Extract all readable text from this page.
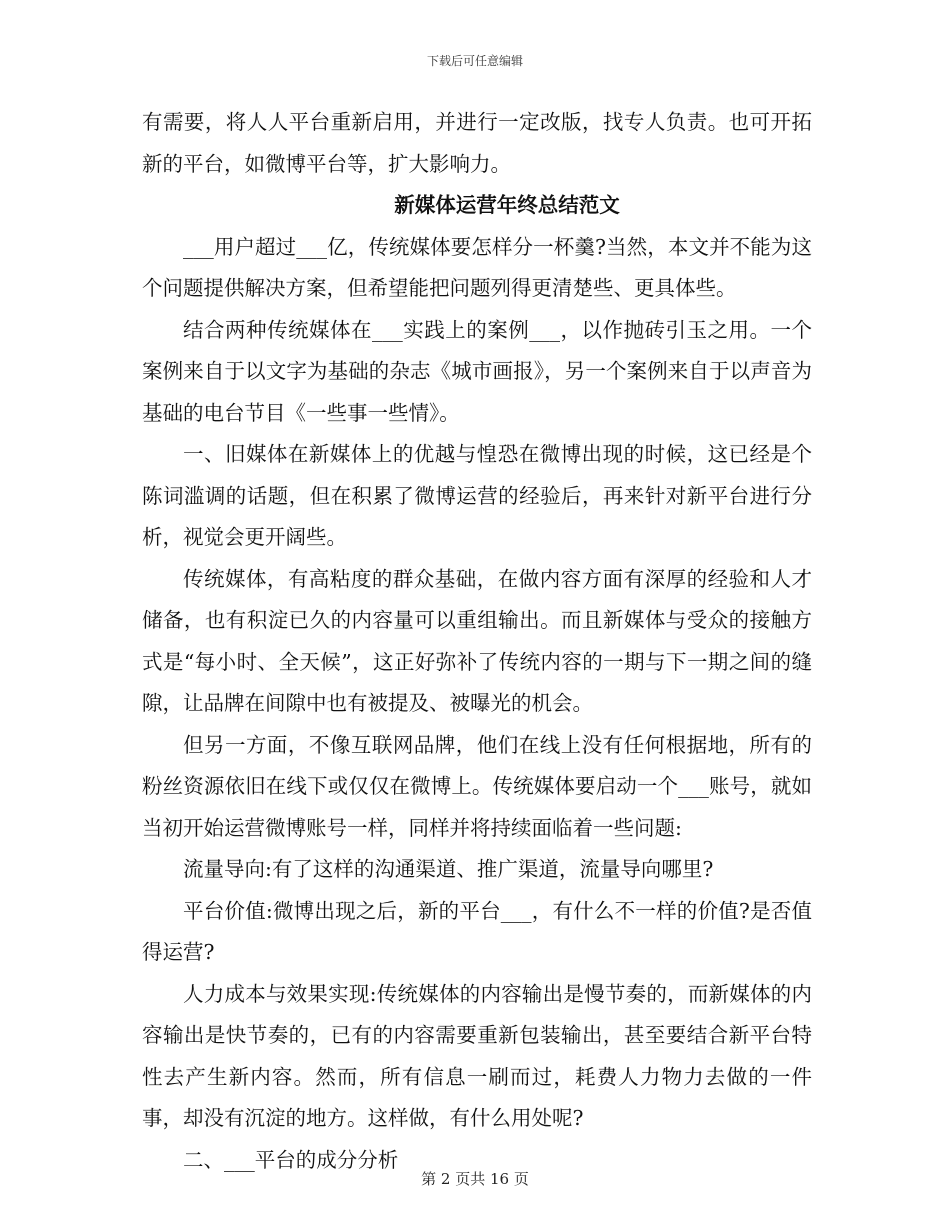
下载后可任意编辑

有需要，将人人平台重新启用，并进行一定改版，找专人负责。也可开拓新的平台，如微博平台等，扩大影响力。

新媒体运营年终总结范文

___用户超过___亿，传统媒体要怎样分一杯羹?当然，本文并不能为这个问题提供解决方案，但希望能把问题列得更清楚些、更具体些。

结合两种传统媒体在___实践上的案例___，以作抛砖引玉之用。一个案例来自于以文字为基础的杂志《城市画报》，另一个案例来自于以声音为基础的电台节目《一些事一些情》。

一、旧媒体在新媒体上的优越与惶恐在微博出现的时候，这已经是个陈词滥调的话题，但在积累了微博运营的经验后，再来针对新平台进行分析，视觉会更开阔些。

传统媒体，有高粘度的群众基础，在做内容方面有深厚的经验和人才储备，也有积淀已久的内容量可以重组输出。而且新媒体与受众的接触方式是“每小时、全天候”，这正好弥补了传统内容的一期与下一期之间的缝隙，让品牌在间隙中也有被提及、被曝光的机会。

但另一方面，不像互联网品牌，他们在线上没有任何根据地，所有的粉丝资源依旧在线下或仅仅在微博上。传统媒体要启动一个___账号，就如当初开始运营微博账号一样，同样并将持续面临着一些问题:

流量导向:有了这样的沟通渠道、推广渠道，流量导向哪里?

平台价值:微博出现之后，新的平台___，有什么不一样的价值?是否值得运营?

人力成本与效果实现:传统媒体的内容输出是慢节奏的，而新媒体的内容输出是快节奏的，已有的内容需要重新包装输出，甚至要结合新平台特性去产生新内容。然而，所有信息一刷而过，耗费人力物力去做的一件事，却没有沉淀的地方。这样做，有什么用处呢?

二、___平台的成分分析

第 2 页共 16 页
